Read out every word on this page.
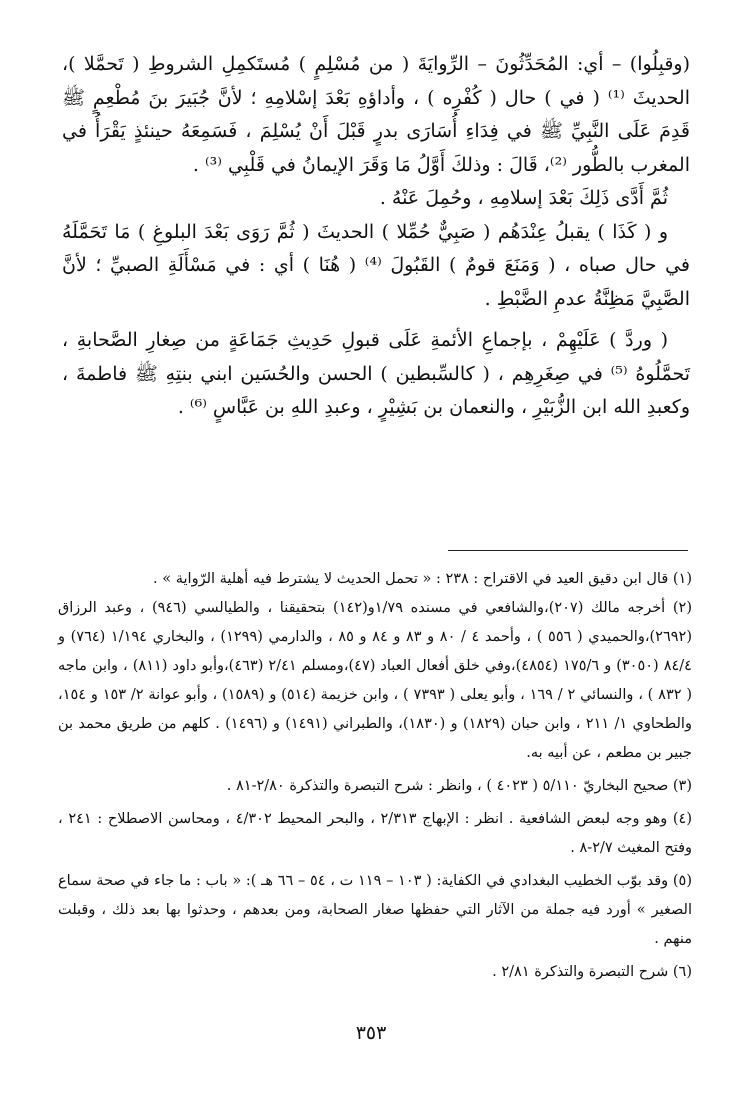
(وقبِلُوا) – أي: المُحَدِّثُونَ – الرِّوايَةَ ( من مُسْلِمٍ ) مُستَكمِلِ الشروطِ ( تَحمَّلا )، الحديثَ ⁽¹⁾ ( في ) حال ( كُفْرِه ) ، وأداؤهِ بَعْدَ إسْلامِهِ ؛ لأنَّ جُبَيرَ بنَ مُطْعِمٍ ﷺ قَدِمَ عَلَى النَّبِيِّ ﷺ في فِدَاءِ أُسَارَى بدرٍ قَبْلَ أَنْ يُسْلِمَ ، فَسَمِعَهُ حينئذٍ يَقْرَأُ في المغرب بالطُّور ⁽²⁾، قَالَ : وذلكَ أَوَّلُ مَا وَقَرَ الإيمانُ في قَلْبِي ⁽³⁾ .

ثُمَّ أَدَّى ذَلِكَ بَعْدَ إسلامِهِ ، وحُمِلَ عَنْهُ .

و ( كَذَا ) يقبلُ عِنْدَهُم ( صَبِيٌّ حُمِّلا ) الحديثَ ( ثُمَّ رَوَى بَعْدَ البلوغِ ) مَا تَحَمَّلَهُ في حال صباه ، ( وَمَنَعَ قومٌ ) القَبُولَ ⁽⁴⁾ ( هُنَا ) أي : في مَسْأَلَةِ الصبيِّ ؛ لأنَّ الصَّبِيَّ مَظِنَّةُ عدمِ الضَّبْطِ .

( وردَّ ) عَلَيْهِمْ ، بإجماعِ الأئمةِ عَلَى قبولِ حَدِيثِ جَمَاعَةٍ من صِغارِ الصَّحابةِ ، تَحمَّلُوهُ ⁽⁵⁾ في صِغَرِهِم ، ( كالسِّبطين ) الحسن والحُسَين ابني بنتِهِ ﷺ فاطمةَ ، وكعبدِ الله ابن الزُّبَيْرِ ، والنعمان بن بَشِيْرٍ ، وعبدِ اللهِ بن عَبَّاسٍ ⁽⁶⁾ .

(١) قال ابن دقيق العيد في الاقتراح : ٢٣٨ : « تحمل الحديث لا يشترط فيه أهلية الرّواية » .

(٢) أخرجه مالك (٢٠٧)،والشافعي في مسنده ١/٧٩و(١٤٢) بتحقيقنا ، والطيالسي (٩٤٦) ، وعبد الرزاق (٢٦٩٢)،والحميدي ( ٥٥٦ ) ، وأحمد ٤ / ٨٠ و ٨٣ و ٨٤ و ٨٥ ، والدارمي (١٢٩٩) ، والبخاري ١/١٩٤ (٧٦٤) و ٨٤/٤ (٣٠٥٠) و ١٧٥/٦ (٤٨٥٤)،وفي خلق أفعال العباد (٤٧)،ومسلم ٢/٤١ (٤٦٣)،وأبو داود (٨١١) ، وابن ماجه ( ٨٣٢ ) ، والنسائي ٢ / ١٦٩ ، وأبو يعلى ( ٧٣٩٣ ) ، وابن خزيمة (٥١٤) و (١٥٨٩) ، وأبو عوانة ٢/ ١٥٣ و ١٥٤، والطحاوي ١/ ٢١١ ، وابن حبان (١٨٢٩) و (١٨٣٠)، والطبراني (١٤٩١) و (١٤٩٦) . كلهم من طريق محمد بن جبير بن مطعم ، عن أبيه به.

(٣) صحيح البخاريّ ٥/١١٠ ( ٤٠٢٣ ) ، وانظر : شرح التبصرة والتذكرة ٢/٨٠-٨١ .

(٤) وهو وجه لبعض الشافعية . انظر : الإبهاج ٢/٣١٣ ، والبحر المحيط ٤/٣٠٢ ، ومحاسن الاصطلاح : ٢٤١ ، وفتح المغيث ٢/٧-٨ .

(٥) وقد بوّب الخطيب البغدادي في الكفاية: ( ١٠٣ – ١١٩ ت ، ٥٤ – ٦٦ هـ ): « باب : ما جاء في صحة سماع الصغير » أورد فيه جملة من الآثار التي حفظها صغار الصحابة، ومن بعدهم ، وحدثوا بها بعد ذلك ، وقبلت منهم .

(٦) شرح التبصرة والتذكرة ٢/٨١ .

٣٥٣
